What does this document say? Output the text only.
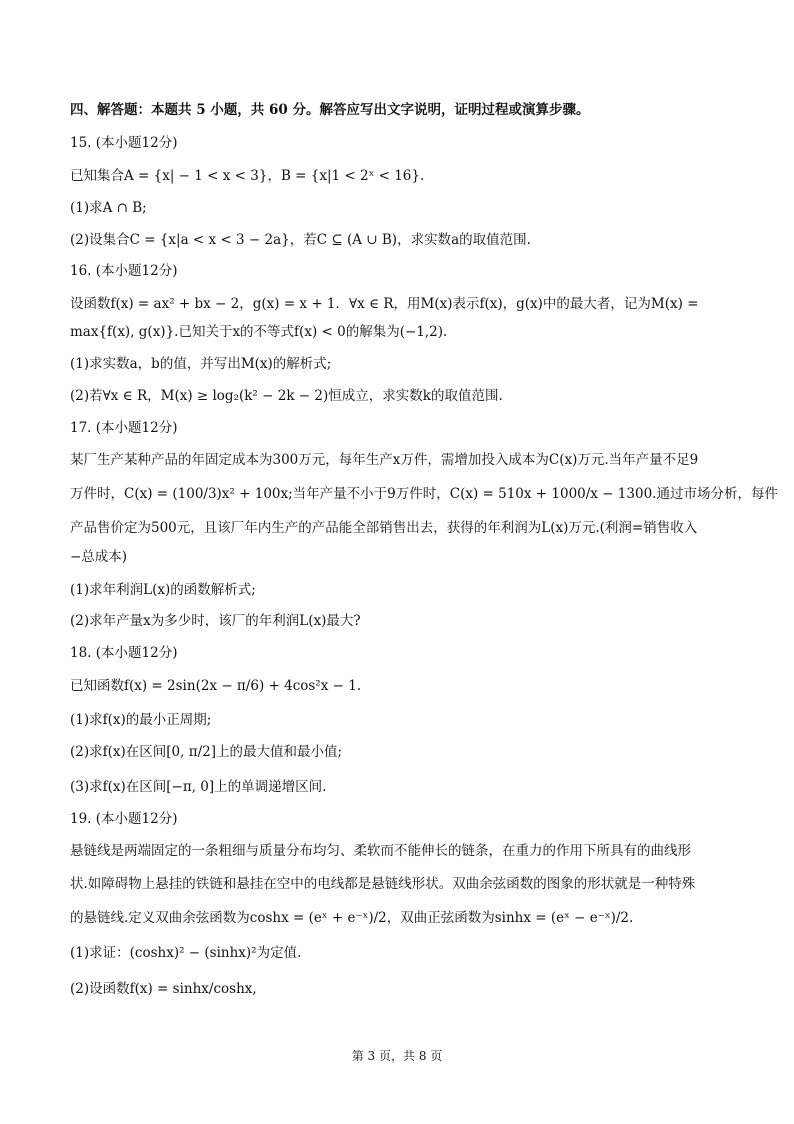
四、解答题：本题共 5 小题，共 60 分。解答应写出文字说明，证明过程或演算步骤。
15. (本小题12分)
已知集合A = {x| − 1 < x < 3}，B = {x|1 < 2ˣ < 16}.
(1)求A ∩ B;
(2)设集合C = {x|a < x < 3 − 2a}，若C ⊆ (A ∪ B)，求实数a的取值范围.
16. (本小题12分)
设函数f(x) = ax² + bx − 2，g(x) = x + 1．∀x ∈ R，用M(x)表示f(x)，g(x)中的最大者，记为M(x) =
max{f(x), g(x)}.已知关于x的不等式f(x) < 0的解集为(−1,2).
(1)求实数a，b的值，并写出M(x)的解析式;
(2)若∀x ∈ R，M(x) ≥ log₂(k² − 2k − 2)恒成立，求实数k的取值范围.
17. (本小题12分)
某厂生产某种产品的年固定成本为300万元，每年生产x万件，需增加投入成本为C(x)万元.当年产量不足9
万件时，C(x) = (100/3)x² + 100x;当年产量不小于9万件时，C(x) = 510x + 1000/x − 1300.通过市场分析，每件
产品售价定为500元，且该厂年内生产的产品能全部销售出去，获得的年利润为L(x)万元.(利润=销售收入
−总成本)
(1)求年利润L(x)的函数解析式;
(2)求年产量x为多少时，该厂的年利润L(x)最大?
18. (本小题12分)
已知函数f(x) = 2sin(2x − π/6) + 4cos²x − 1.
(1)求f(x)的最小正周期;
(2)求f(x)在区间[0, π/2]上的最大值和最小值;
(3)求f(x)在区间[−π, 0]上的单调递增区间.
19. (本小题12分)
悬链线是两端固定的一条粗细与质量分布均匀、柔软而不能伸长的链条，在重力的作用下所具有的曲线形
状.如障碍物上悬挂的铁链和悬挂在空中的电线都是悬链线形状。双曲余弦函数的图象的形状就是一种特殊
的悬链线.定义双曲余弦函数为coshx = (eˣ + e⁻ˣ)/2，双曲正弦函数为sinhx = (eˣ − e⁻ˣ)/2.
(1)求证：(coshx)² − (sinhx)²为定值.
(2)设函数f(x) = sinhx/coshx,
第 3 页，共 8 页
